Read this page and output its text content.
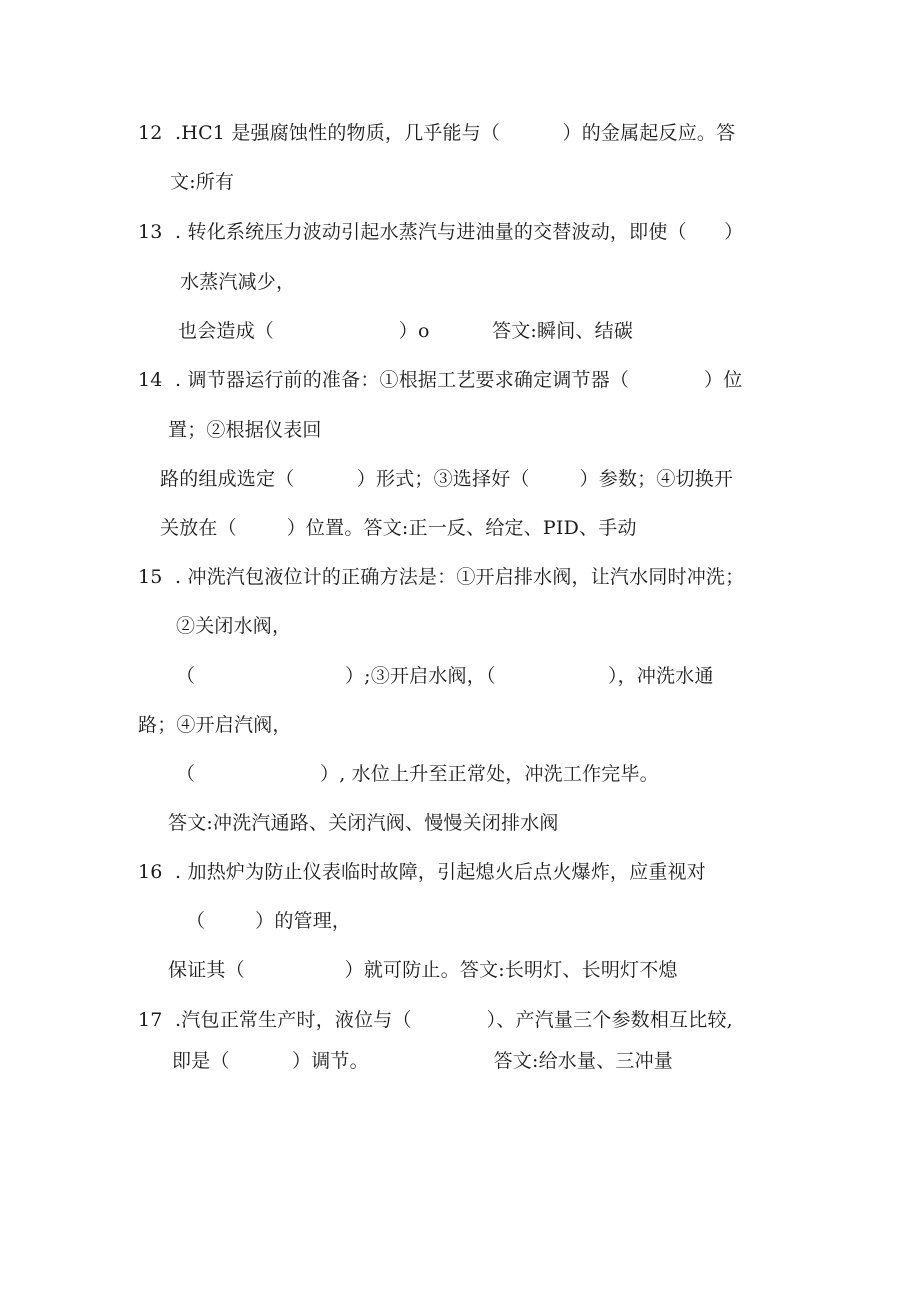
12  .HC1 是强腐蚀性的物质，几乎能与（          ）的金属起反应。答
文:所有
13  . 转化系统压力波动引起水蒸汽与进油量的交替波动，即使（      ）
水蒸汽减少，
也会造成（                    ）o          答文:瞬间、结碳
14  . 调节器运行前的准备：①根据工艺要求确定调节器（            ）位
置；②根据仪表回
路的组成选定（          ）形式；③选择好（        ）参数；④切换开
关放在（        ）位置。答文:正一反、给定、PID、手动
15  . 冲洗汽包液位计的正确方法是：①开启排水阀，让汽水同时冲洗；
②关闭水阀，
（                        ）;③开启水阀，（                  ），冲洗水通
路；④开启汽阀，
（                    ）, 水位上升至正常处，冲洗工作完毕。
答文:冲洗汽通路、关闭汽阀、慢慢关闭排水阀
16  . 加热炉为防止仪表临时故障，引起熄火后点火爆炸，应重视对
（        ）的管理，
保证其（                ）就可防止。答文:长明灯、长明灯不熄
17  .汽包正常生产时，液位与（            ）、产汽量三个参数相互比较,
即是（          ）调节。                    答文:给水量、三冲量
